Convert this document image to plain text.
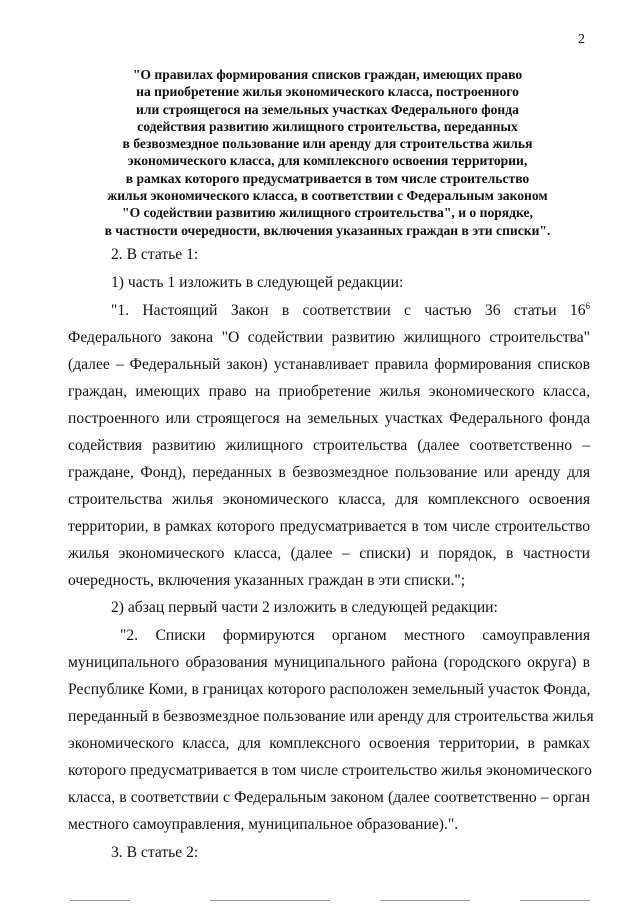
2
"О правилах формирования списков граждан, имеющих право
на приобретение жилья экономического класса, построенного
или строящегося на земельных участках Федерального фонда
содействия развитию жилищного строительства, переданных
в безвозмездное пользование или аренду для строительства жилья
экономического класса, для комплексного освоения территории,
в рамках которого предусматривается в том числе строительство
жилья экономического класса, в соответствии с Федеральным законом
"О содействии развитию жилищного строительства", и о порядке,
в частности очередности, включения указанных граждан в эти списки".
2. В статье 1:
1) часть 1 изложить в следующей редакции:
"1. Настоящий Закон в соответствии с частью 36 статьи $16^6$
Федерального закона "О содействии развитию жилищного строительства"
(далее – Федеральный закон) устанавливает правила формирования списков
граждан, имеющих право на приобретение жилья экономического класса,
построенного или строящегося на земельных участках Федерального фонда
содействия развитию жилищного строительства (далее соответственно –
граждане, Фонд), переданных в безвозмездное пользование или аренду для
строительства жилья экономического класса, для комплексного освоения
территории, в рамках которого предусматривается в том числе строительство
жилья экономического класса, (далее – списки) и порядок, в частности
очередность, включения указанных граждан в эти списки.";
2) абзац первый части 2 изложить в следующей редакции:
"2. Списки формируются органом местного самоуправления
муниципального образования муниципального района (городского округа) в
Республике Коми, в границах которого расположен земельный участок Фонда,
переданный в безвозмездное пользование или аренду для строительства жилья
экономического класса, для комплексного освоения территории, в рамках
которого предусматривается в том числе строительство жилья экономического
класса, в соответствии с Федеральным законом (далее соответственно – орган
местного самоуправления, муниципальное образование).".
3. В статье 2:
